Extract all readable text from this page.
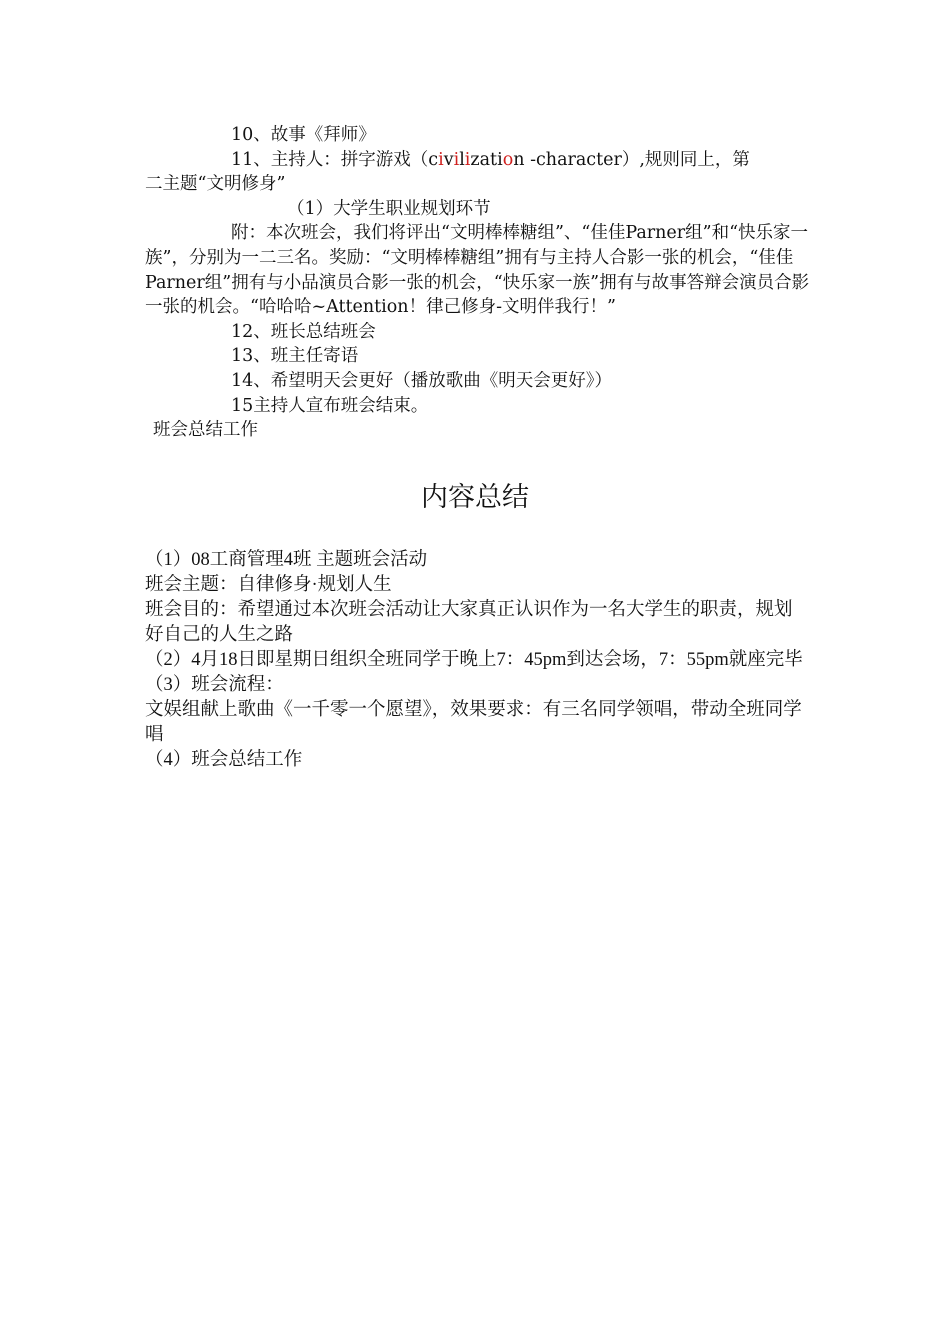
10、故事《拜师》

11、主持人：拼字游戏（civilization -character）,规则同上，第

二主题“文明修身”

（1）大学生职业规划环节

附：本次班会，我们将评出“文明棒棒糖组”、“佳佳Parner组”和“快乐家一族”，分别为一二三名。奖励：“文明棒棒糖组”拥有与主持人合影一张的机会，“佳佳Parner组”拥有与小品演员合影一张的机会，“快乐家一族”拥有与故事答辩会演员合影一张的机会。“哈哈哈~Attention！律己修身-文明伴我行！”

12、班长总结班会

13、班主任寄语

14、希望明天会更好（播放歌曲《明天会更好》）

15主持人宣布班会结束。

班会总结工作

内容总结

（1）08工商管理4班 主题班会活动

班会主题：自律修身·规划人生

班会目的：希望通过本次班会活动让大家真正认识作为一名大学生的职责，规划好自己的人生之路

（2）4月18日即星期日组织全班同学于晚上7：45pm到达会场，7：55pm就座完毕

（3）班会流程：

文娱组献上歌曲《一千零一个愿望》，效果要求：有三名同学领唱，带动全班同学唱

（4）班会总结工作
